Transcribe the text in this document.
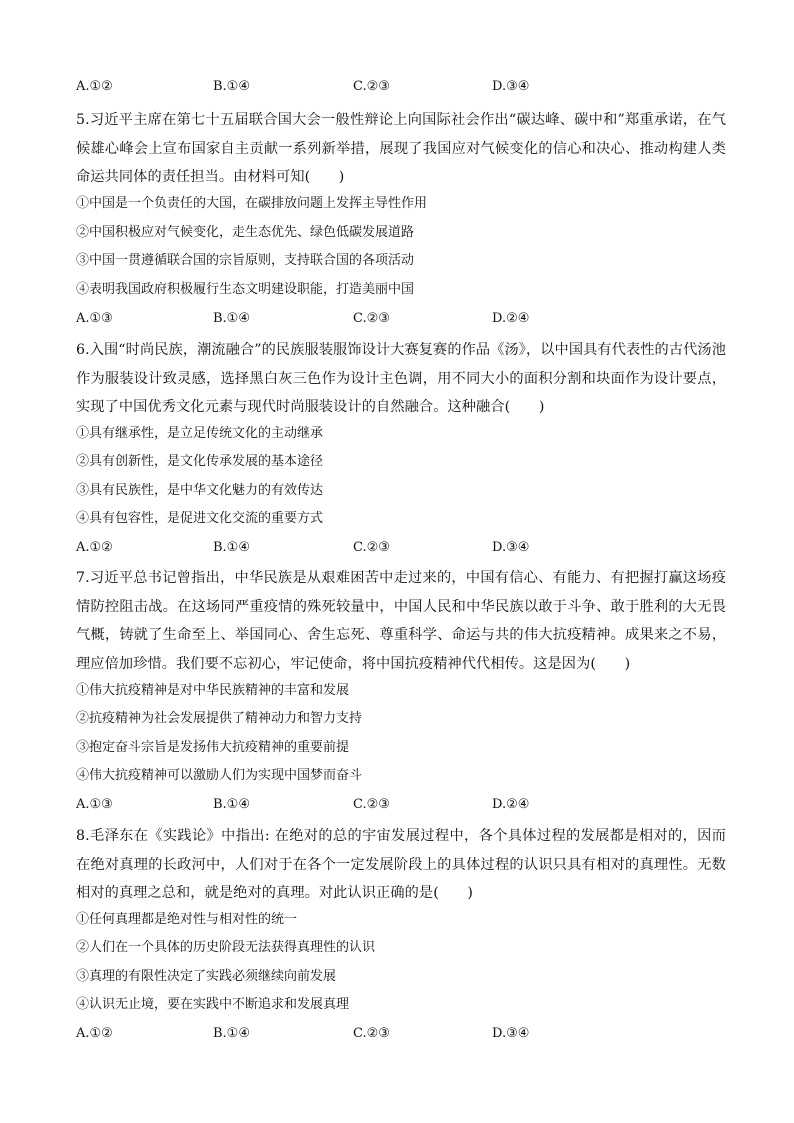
A.①②	B.①④	C.②③	D.③④

5.习近平主席在第七十五届联合国大会一般性辩论上向国际社会作出“碳达峰、碳中和”郑重承诺，在气候雄心峰会上宣布国家自主贡献一系列新举措，展现了我国应对气候变化的信心和决心、推动构建人类命运共同体的责任担当。由材料可知(　　)

①中国是一个负责任的大国，在碳排放问题上发挥主导性作用
②中国积极应对气候变化，走生态优先、绿色低碳发展道路
③中国一贯遵循联合国的宗旨原则，支持联合国的各项活动
④表明我国政府积极履行生态文明建设职能，打造美丽中国
A.①③	B.①④	C.②③	D.②④

6.入围“时尚民族，潮流融合”的民族服装服饰设计大赛复赛的作品《汤》，以中国具有代表性的古代汤池作为服装设计致灵感，选择黑白灰三色作为设计主色调，用不同大小的面积分割和块面作为设计要点，实现了中国优秀文化元素与现代时尚服装设计的自然融合。这种融合(　　)

①具有继承性，是立足传统文化的主动继承
②具有创新性，是文化传承发展的基本途径
③具有民族性，是中华文化魅力的有效传达
④具有包容性，是促进文化交流的重要方式
A.①②	B.①④	C.②③	D.③④

7.习近平总书记曾指出，中华民族是从艰难困苦中走过来的，中国有信心、有能力、有把握打赢这场疫情防控阻击战。在这场同严重疫情的殊死较量中，中国人民和中华民族以敢于斗争、敢于胜利的大无畏气概，铸就了生命至上、举国同心、舍生忘死、尊重科学、命运与共的伟大抗疫精神。成果来之不易，理应倍加珍惜。我们要不忘初心，牢记使命，将中国抗疫精神代代相传。这是因为(　　)

①伟大抗疫精神是对中华民族精神的丰富和发展
②抗疫精神为社会发展提供了精神动力和智力支持
③抱定奋斗宗旨是发扬伟大抗疫精神的重要前提
④伟大抗疫精神可以激励人们为实现中国梦而奋斗
A.①③	B.①④	C.②③	D.②④

8.毛泽东在《实践论》中指出: 在绝对的总的宇宙发展过程中，各个具体过程的发展都是相对的，因而在绝对真理的长政河中，人们对于在各个一定发展阶段上的具体过程的认识只具有相对的真理性。无数相对的真理之总和，就是绝对的真理。对此认识正确的是(　　)

①任何真理都是绝对性与相对性的统一
②人们在一个具体的历史阶段无法获得真理性的认识
③真理的有限性决定了实践必须继续向前发展
④认识无止境，要在实践中不断追求和发展真理
A.①②	B.①④	C.②③	D.③④
